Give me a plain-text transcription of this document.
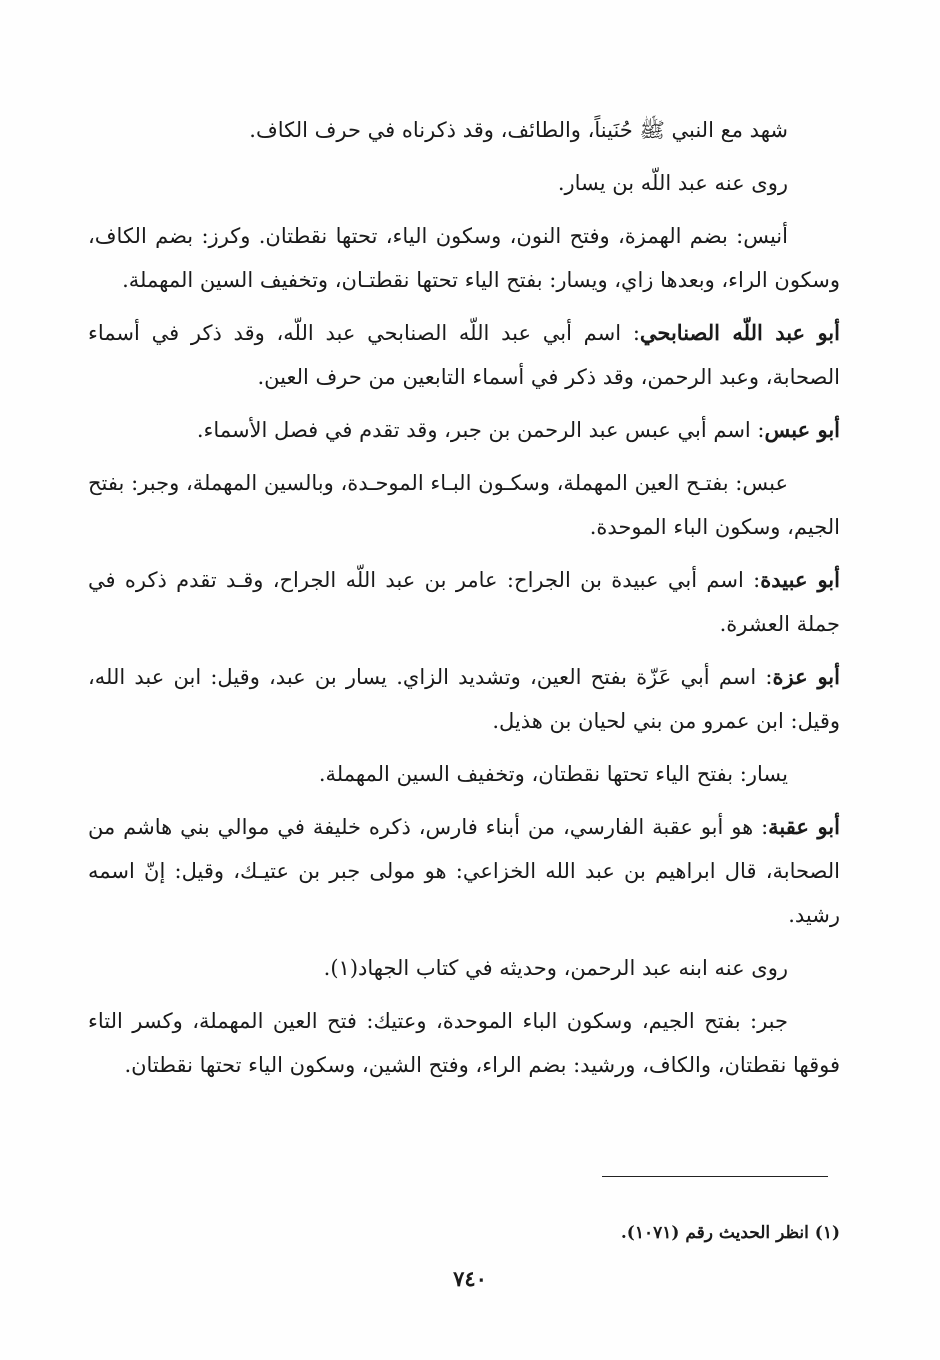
شهد مع النبي ﷺ حُنَيناً، والطائف، وقد ذكرناه في حرف الكاف.

روى عنه عبد اللّه بن يسار.

أنيس: بضم الهمزة، وفتح النون، وسكون الياء، تحتها نقطتان. وكرز: بضم الكاف، وسكون الراء، وبعدها زاي، ويسار: بفتح الياء تحتها نقطتـان، وتخفيف السين المهملة.

أبو عبد اللّه الصنابحي: اسم أبي عبد اللّه الصنابحي عبد اللّه، وقد ذكر في أسماء الصحابة، وعبد الرحمن، وقد ذكر في أسماء التابعين من حرف العين.

أبو عبس: اسم أبي عبس عبد الرحمن بن جبر، وقد تقدم في فصل الأسماء.

عبس: بفتـح العين المهملة، وسكـون البـاء الموحـدة، وبالسين المهملة، وجبر: بفتح الجيم، وسكون الباء الموحدة.

أبو عبيدة: اسم أبي عبيدة بن الجراح: عامر بن عبد اللّه الجراح، وقـد تقدم ذكره في جملة العشرة.

أبو عزة: اسم أبي عَزّة بفتح العين، وتشديد الزاي. يسار بن عبد، وقيل: ابن عبد الله، وقيل: ابن عمرو من بني لحيان بن هذيل.

يسار: بفتح الياء تحتها نقطتان، وتخفيف السين المهملة.

أبو عقبة: هو أبو عقبة الفارسي، من أبناء فارس، ذكره خليفة في موالي بني هاشم من الصحابة، قال ابراهيم بن عبد الله الخزاعي: هو مولى جبر بن عتيـك، وقيل: إنّ اسمه رشيد.

روى عنه ابنه عبد الرحمن، وحديثه في كتاب الجهاد(١).

جبر: بفتح الجيم، وسكون الباء الموحدة، وعتيك: فتح العين المهملة، وكسر التاء فوقها نقطتان، والكاف، ورشيد: بضم الراء، وفتح الشين، وسكون الياء تحتها نقطتان.

(١) انظر الحديث رقم (١٠٧١).
٧٤٠
